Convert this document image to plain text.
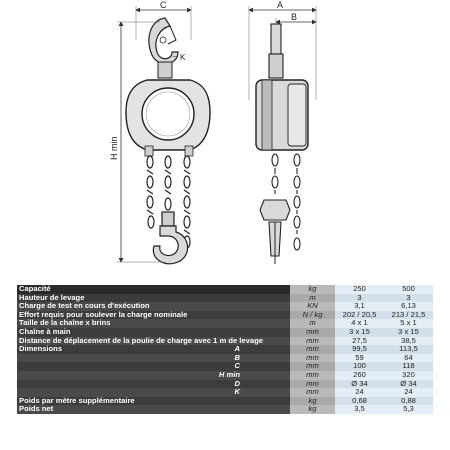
C
K
H min
A
B
Capacité	kg	250	500
Hauteur de levage	m	3	3
Charge de test en cours d'exécution	KN	3,1	6,13
Effort requis pour soulever la charge nominale	N / kg	202 / 20,5	213 / 21,5
Taille de la chaîne x brins	m	4 x 1	5 x 1
Chaîne à main	mm	3 x 15	3 x 15
Distance de déplacement de la poulie de charge avec 1 m de levage	mm	27,5	38,5

Dimensions A	mm	99,5	113,5
B	mm	59	64
C	mm	100	118
H min	mm	260	320
D	mm	Ø 34	Ø 34
K	mm	24	24
Poids par mètre supplémentaire	kg	0,68	0,88
Poids net	kg	3,5	5,3
